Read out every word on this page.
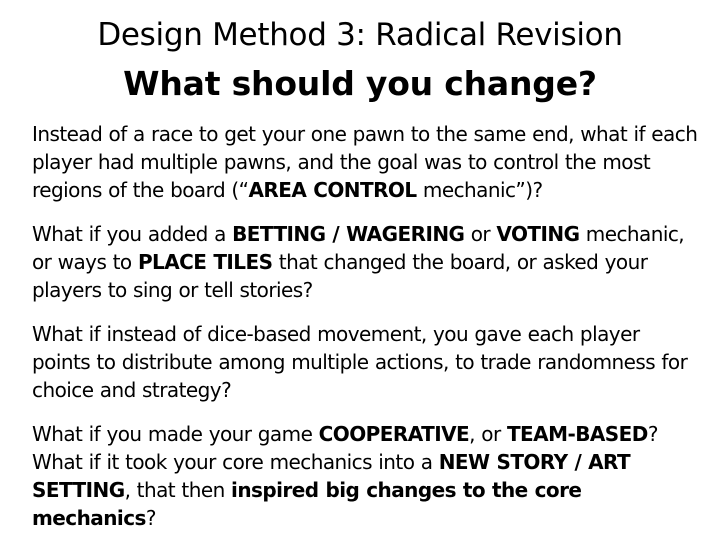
Design Method 3: Radical Revision
What should you change?

Instead of a race to get your one pawn to the same end, what if each player had multiple pawns, and the goal was to control the most regions of the board (“AREA CONTROL mechanic”)?

What if you added a BETTING / WAGERING or VOTING mechanic, or ways to PLACE TILES that changed the board, or asked your players to sing or tell stories?

What if instead of dice-based movement, you gave each player points to distribute among multiple actions, to trade randomness for choice and strategy?

What if you made your game COOPERATIVE, or TEAM-BASED? What if it took your core mechanics into a NEW STORY / ART SETTING, that then inspired big changes to the core mechanics?
